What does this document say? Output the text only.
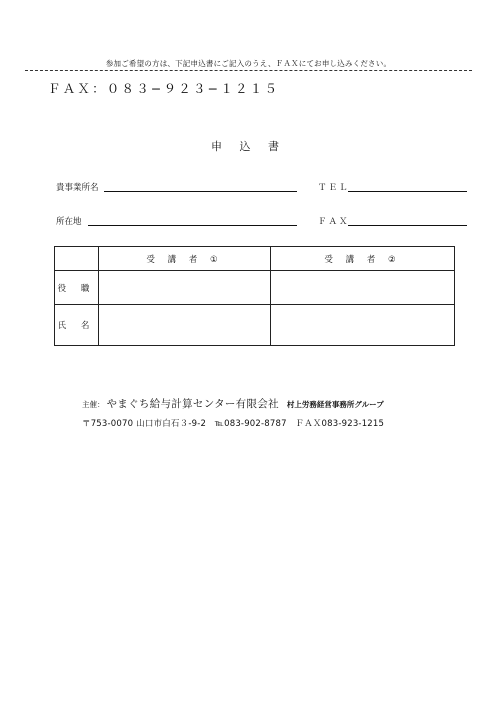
参加ご希望の方は、下記申込書にご記入のうえ、ＦＡＸにてお申し込みください。
ＦＡＸ：０８３−９２３−１２１５
申 込 書
貴事業所名	ＴＥＬ
所在地	ＦＡＸ
	受 講 者 ①	受 講 者 ②
役 職		
氏 名		
主催： やまぐち給与計算センター有限会社 村上労務経営事務所グループ
〒753-0070 山口市白石３-9-2　℡083-902-8787　ＦＡＸ083-923-1215
